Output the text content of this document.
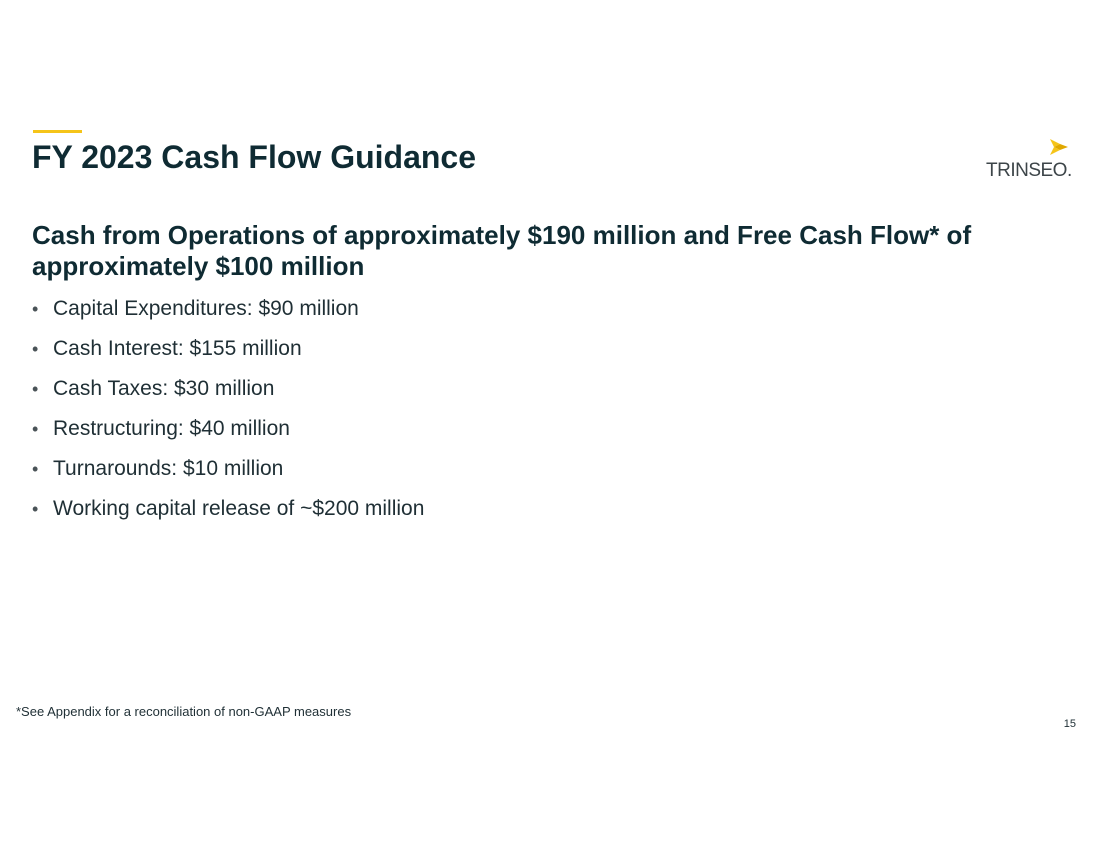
FY 2023 Cash Flow Guidance	TRINSEO.
Cash from Operations of approximately $190 million and Free Cash Flow* of approximately $100 million
• Capital Expenditures: $90 million
• Cash Interest: $155 million
• Cash Taxes: $30 million
• Restructuring: $40 million
• Turnarounds: $10 million
• Working capital release of ~$200 million
*See Appendix for a reconciliation of non-GAAP measures
15
